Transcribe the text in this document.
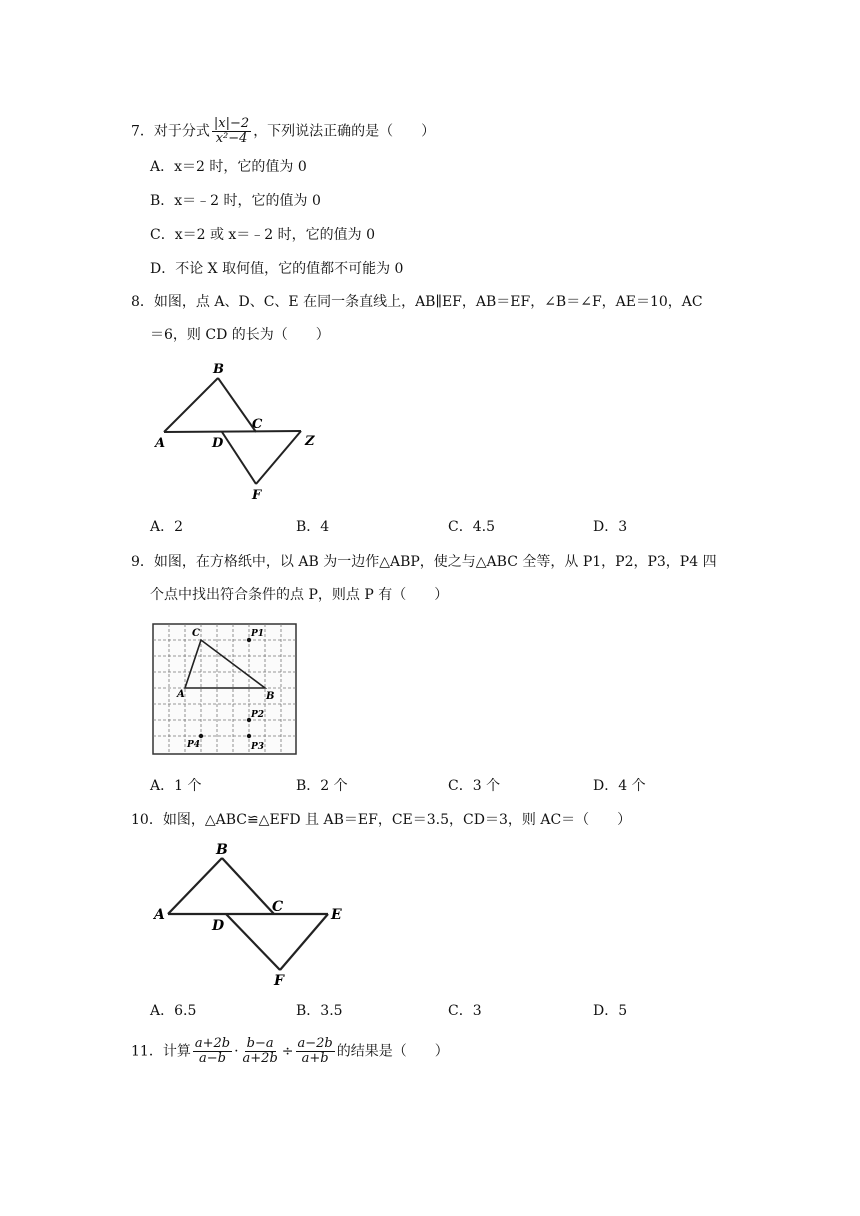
7．对于分式 $\frac{|x|-2}{\text{x²−4}}$ ，下列说法正确的是（　　）
A．x＝2 时，它的值为 0
B．x＝﹣2 时，它的值为 0
C．x＝2 或 x＝﹣2 时，它的值为 0
D．不论 X 取何值，它的值都不可能为 0
8．如图，点 A、D、C、E 在同一条直线上，AB∥EF，AB＝EF，∠B＝∠F，AE＝10，AC
＝6，则 CD 的长为（　　）
B
C
A	D	Z
F
A．2	B．4	C．4.5	D．3
9．如图，在方格纸中，以 AB 为一边作△ABP，使之与△ABC 全等，从 P1，P2，P3，P4 四
个点中找出符合条件的点 P，则点 P 有（　　）
C	P1
A	B
P2
P4	P3
A．1 个	B．2 个	C．3 个	D．4 个
10．如图，△ABC≌△EFD 且 AB＝EF，CE＝3.5，CD＝3，则 AC＝（　　）
B
C	E
A
D
F
A．6.5	B．3.5	C．3	D．5
11．计算 $\frac{a+2b}{a-b} \cdot \frac{b-a}{a+2b} \div \frac{a-2b}{a+b}$ 的结果是（　　）
